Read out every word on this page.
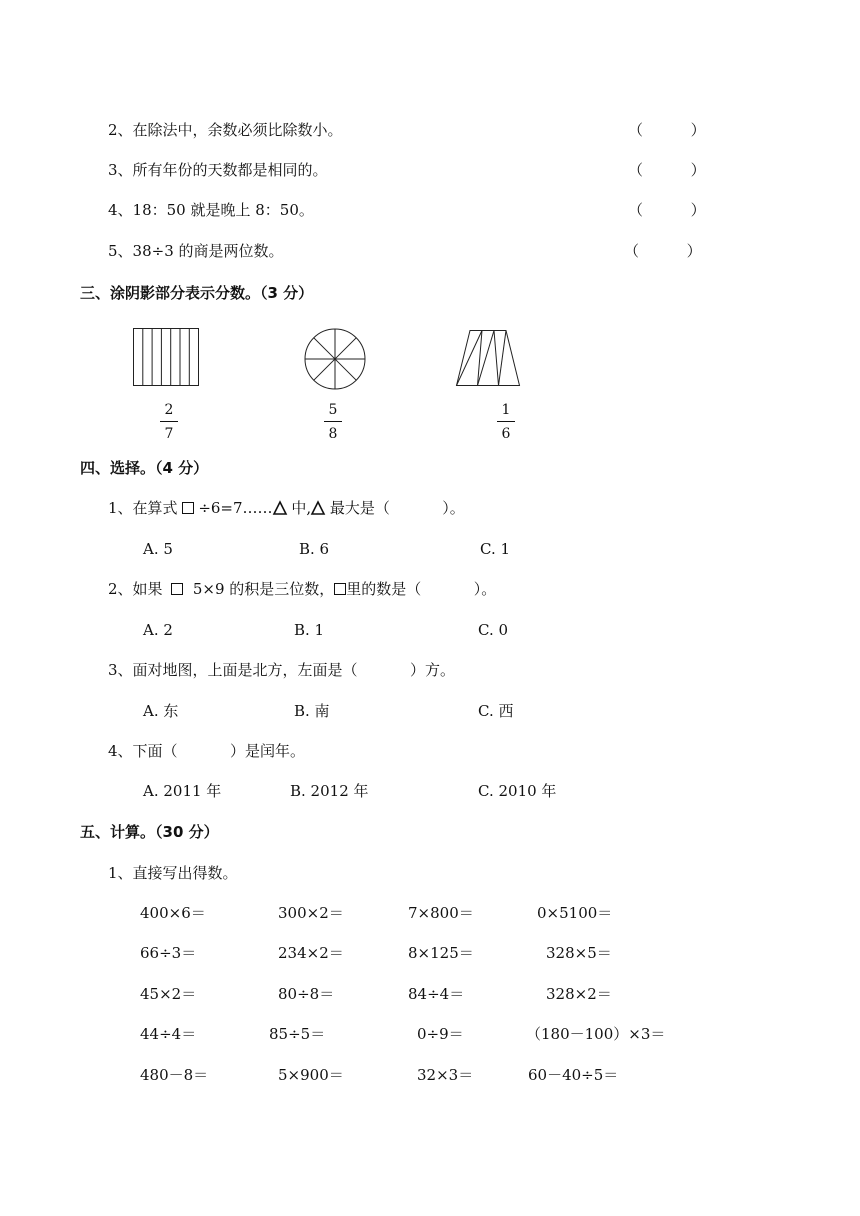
2、在除法中，余数必须比除数小。	（          ）
3、所有年份的天数都是相同的。	（          ）
4、18：50 就是晚上 8：50。	（          ）
5、38÷3 的商是两位数。	（          ）
三、涂阴影部分表示分数。（3 分）
2
7
5
8
1
6
四、选择。（4 分）
1、在算式 ÷6=7…… 中, 最大是（           ）。
A. 5	B. 6	C. 1
2、如果   5×9 的积是三位数， 里的数是（           ）。
A. 2	B. 1	C. 0
3、面对地图，上面是北方，左面是（           ）方。
A. 东	B. 南	C. 西
4、下面（           ）是闰年。
A. 2011 年	B. 2012 年	C. 2010 年
五、计算。（30 分）
1、直接写出得数。
400×6＝	300×2＝	7×800＝	0×5100＝
66÷3＝	234×2＝	8×125＝	328×5＝
45×2＝	80÷8＝	84÷4＝	328×2＝
44÷4＝	85÷5＝	0÷9＝	（180－100）×3＝
480－8＝	5×900＝	32×3＝	60－40÷5＝
